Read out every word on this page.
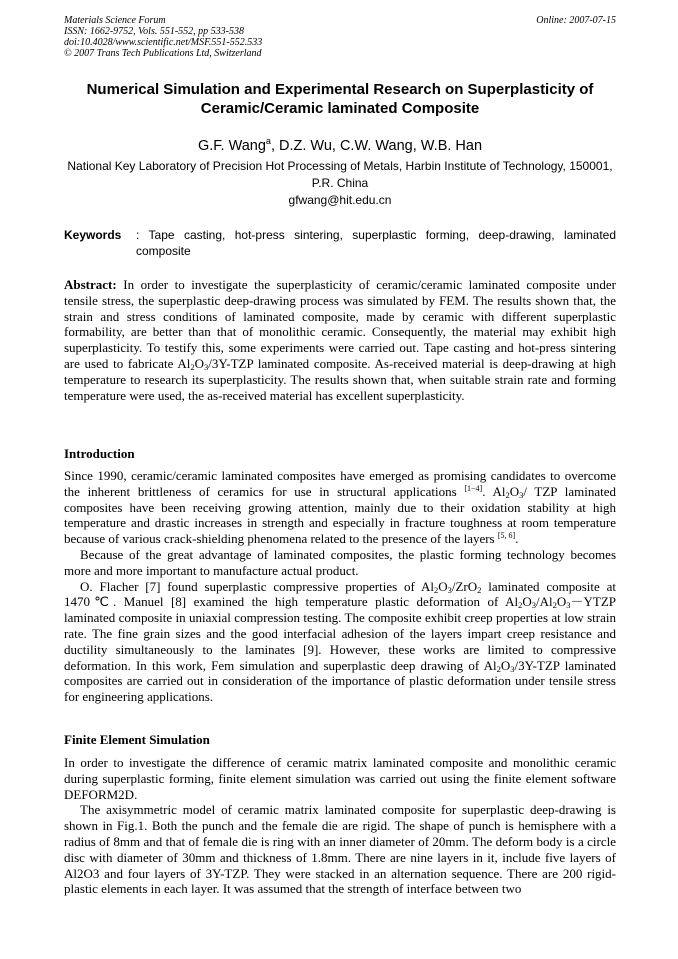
Materials Science Forum
ISSN: 1662-9752, Vols. 551-552, pp 533-538
doi:10.4028/www.scientific.net/MSF.551-552.533
© 2007 Trans Tech Publications Ltd, Switzerland
Online: 2007-07-15
Numerical Simulation and Experimental Research on Superplasticity of Ceramic/Ceramic laminated Composite
G.F. Wang$^a$, D.Z. Wu, C.W. Wang, W.B. Han
National Key Laboratory of Precision Hot Processing of Metals, Harbin Institute of Technology, 150001, P.R. China
gfwang@hit.edu.cn
Keywords : Tape casting, hot-press sintering, superplastic forming, deep-drawing, laminated composite

Abstract: In order to investigate the superplasticity of ceramic/ceramic laminated composite under tensile stress, the superplastic deep-drawing process was simulated by FEM. The results shown that, the strain and stress conditions of laminated composite, made by ceramic with different superplastic formability, are better than that of monolithic ceramic. Consequently, the material may exhibit high superplasticity. To testify this, some experiments were carried out. Tape casting and hot-press sintering are used to fabricate $Al_2O_3/3Y$-TZP laminated composite. As-received material is deep-drawing at high temperature to research its superplasticity. The results shown that, when suitable strain rate and forming temperature were used, the as-received material has excellent superplasticity.

Introduction

Since 1990, ceramic/ceramic laminated composites have emerged as promising candidates to overcome the inherent brittleness of ceramics for use in structural applications [1−4]. $Al_2O_3/$ TZP laminated composites have been receiving growing attention, mainly due to their oxidation stability at high temperature and drastic increases in strength and especially in fracture toughness at room temperature because of various crack-shielding phenomena related to the presence of the layers [5, 6].

Because of the great advantage of laminated composites, the plastic forming technology becomes more and more important to manufacture actual product.

O. Flacher [7] found superplastic compressive properties of $Al_2O_3/ZrO_2$ laminated composite at 1470℃. Manuel [8] examined the high temperature plastic deformation of $Al_2O_3/Al_2O_3-YTZP$ laminated composite in uniaxial compression testing. The composite exhibit creep properties at low strain rate. The fine grain sizes and the good interfacial adhesion of the layers impart creep resistance and ductility simultaneously to the laminates [9]. However, these works are limited to compressive deformation. In this work, Fem simulation and superplastic deep drawing of $Al_2O_3/3Y$-TZP laminated composites are carried out in consideration of the importance of plastic deformation under tensile stress for engineering applications.

Finite Element Simulation

In order to investigate the difference of ceramic matrix laminated composite and monolithic ceramic during superplastic forming, finite element simulation was carried out using the finite element software DEFORM2D.

The axisymmetric model of ceramic matrix laminated composite for superplastic deep-drawing is shown in Fig.1. Both the punch and the female die are rigid. The shape of punch is hemisphere with a radius of 8mm and that of female die is ring with an inner diameter of 20mm. The deform body is a circle disc with diameter of 30mm and thickness of 1.8mm. There are nine layers in it, include five layers of Al2O3 and four layers of 3Y-TZP. They were stacked in an alternation sequence. There are 200 rigid-plastic elements in each layer. It was assumed that the strength of interface between two
